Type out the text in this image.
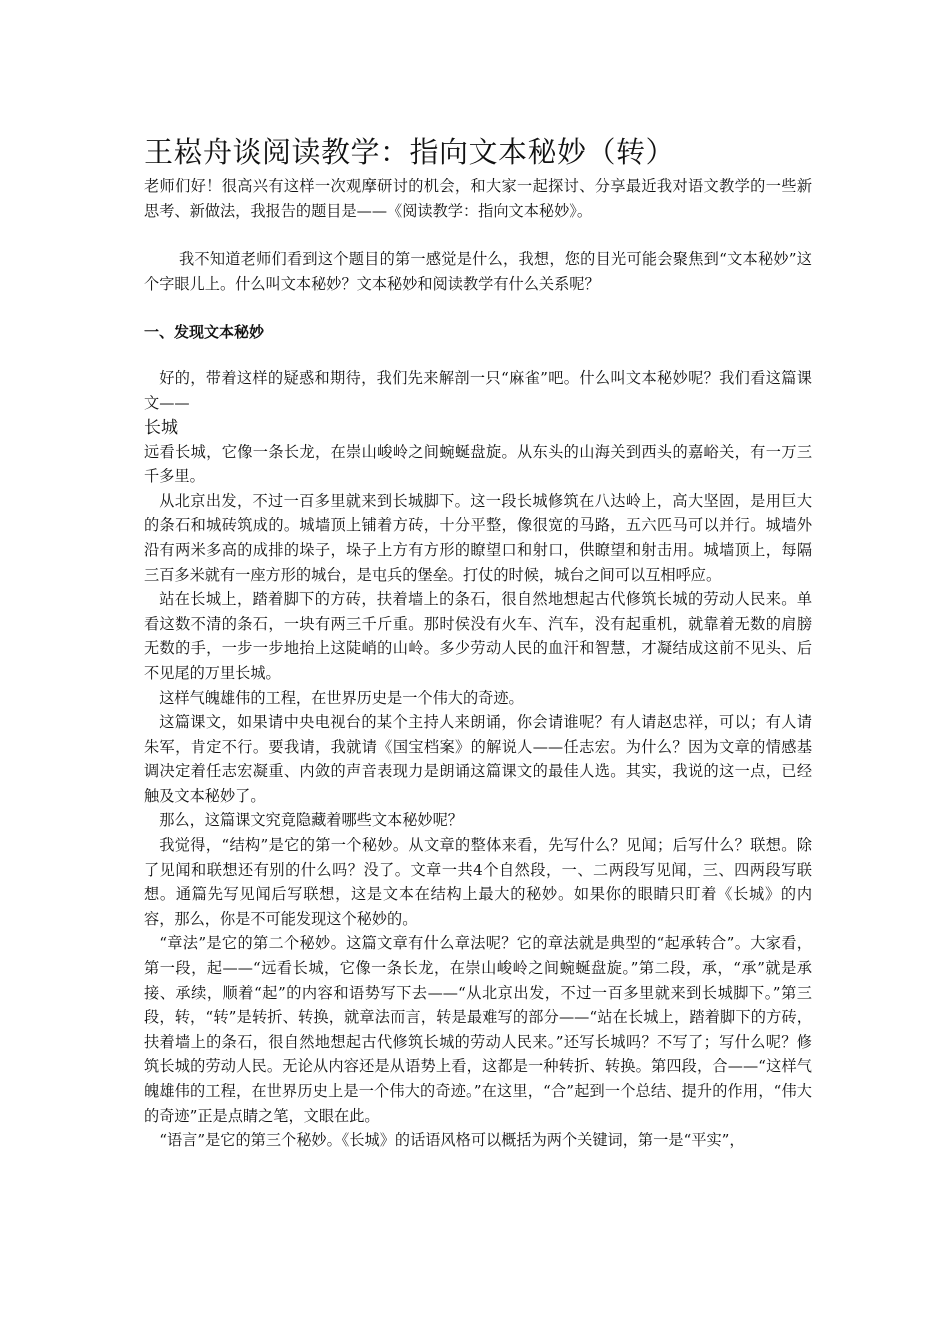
王崧舟谈阅读教学：指向文本秘妙（转）

老师们好！很高兴有这样一次观摩研讨的机会，和大家一起探讨、分享最近我对语文教学的一些新思考、新做法，我报告的题目是——《阅读教学：指向文本秘妙》。

我不知道老师们看到这个题目的第一感觉是什么，我想，您的目光可能会聚焦到“文本秘妙”这个字眼儿上。什么叫文本秘妙？文本秘妙和阅读教学有什么关系呢？

一、发现文本秘妙

好的，带着这样的疑惑和期待，我们先来解剖一只“麻雀”吧。什么叫文本秘妙呢？我们看这篇课文——

长城

远看长城，它像一条长龙，在崇山峻岭之间蜿蜒盘旋。从东头的山海关到西头的嘉峪关，有一万三千多里。

从北京出发，不过一百多里就来到长城脚下。这一段长城修筑在八达岭上，高大坚固，是用巨大的条石和城砖筑成的。城墙顶上铺着方砖，十分平整，像很宽的马路，五六匹马可以并行。城墙外沿有两米多高的成排的垛子，垛子上方有方形的瞭望口和射口，供瞭望和射击用。城墙顶上，每隔三百多米就有一座方形的城台，是屯兵的堡垒。打仗的时候，城台之间可以互相呼应。

站在长城上，踏着脚下的方砖，扶着墙上的条石，很自然地想起古代修筑长城的劳动人民来。单看这数不清的条石，一块有两三千斤重。那时侯没有火车、汽车，没有起重机，就靠着无数的肩膀无数的手，一步一步地抬上这陡峭的山岭。多少劳动人民的血汗和智慧，才凝结成这前不见头、后不见尾的万里长城。

这样气魄雄伟的工程，在世界历史是一个伟大的奇迹。

这篇课文，如果请中央电视台的某个主持人来朗诵，你会请谁呢？有人请赵忠祥，可以；有人请朱军，肯定不行。要我请，我就请《国宝档案》的解说人——任志宏。为什么？因为文章的情感基调决定着任志宏凝重、内敛的声音表现力是朗诵这篇课文的最佳人选。其实，我说的这一点，已经触及文本秘妙了。

那么，这篇课文究竟隐藏着哪些文本秘妙呢？

我觉得，“结构”是它的第一个秘妙。从文章的整体来看，先写什么？见闻；后写什么？联想。除了见闻和联想还有别的什么吗？没了。文章一共4个自然段，一、二两段写见闻，三、四两段写联想。通篇先写见闻后写联想，这是文本在结构上最大的秘妙。如果你的眼睛只盯着《长城》的内容，那么，你是不可能发现这个秘妙的。

“章法”是它的第二个秘妙。这篇文章有什么章法呢？它的章法就是典型的“起承转合”。大家看，第一段，起——“远看长城，它像一条长龙，在崇山峻岭之间蜿蜒盘旋。”第二段，承，“承”就是承接、承续，顺着“起”的内容和语势写下去——“从北京出发，不过一百多里就来到长城脚下。”第三段，转，“转”是转折、转换，就章法而言，转是最难写的部分——“站在长城上，踏着脚下的方砖，扶着墙上的条石，很自然地想起古代修筑长城的劳动人民来。”还写长城吗？不写了；写什么呢？修筑长城的劳动人民。无论从内容还是从语势上看，这都是一种转折、转换。第四段，合——“这样气魄雄伟的工程，在世界历史上是一个伟大的奇迹。”在这里，“合”起到一个总结、提升的作用，“伟大的奇迹”正是点睛之笔，文眼在此。

“语言”是它的第三个秘妙。《长城》的话语风格可以概括为两个关键词，第一是“平实”，
